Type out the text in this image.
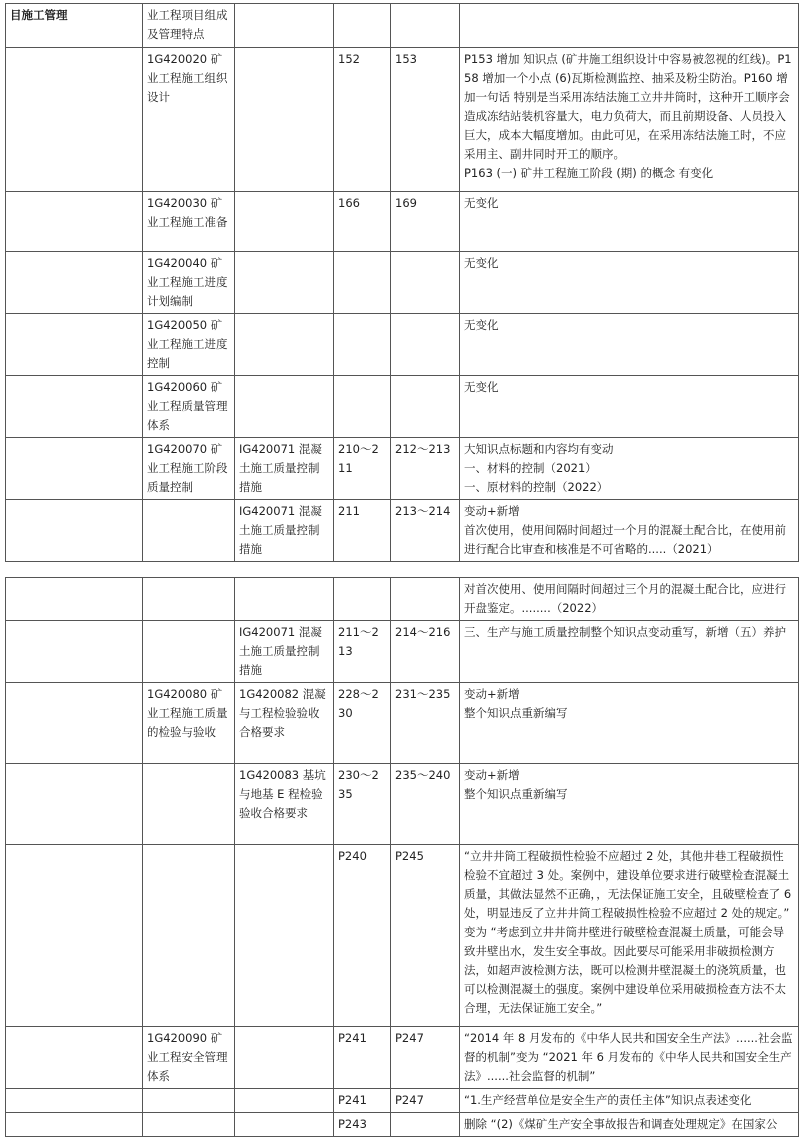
目施工管理	业工程项目组成及管理特点				
	1G420020 矿业工程施工组织设计		152	153	P153 增加 知识点 (矿井施工组织设计中容易被忽视的红线)。P158 增加一个小点 (6)瓦斯检测监控、抽采及粉尘防治。P160 增加一句话 特别是当采用冻结法施工立井井筒时，这种开工顺序会造成冻结站装机容量大，电力负荷大，而且前期设备、人员投入巨大，成本大幅度增加。由此可见，在采用冻结法施工时，不应采用主、副井同时开工的顺序。
P163 (一) 矿井工程施工阶段 (期) 的概念 有变化
	1G420030 矿业工程施工准备		166	169	无变化
	1G420040 矿业工程施工进度计划编制				无变化
	1G420050 矿业工程施工进度控制				无变化
	1G420060 矿业工程质量管理体系				无变化
	1G420070 矿业工程施工阶段质量控制	IG420071 混凝土施工质量控制措施	210～211	212～213	大知识点标题和内容均有变动
一、材料的控制（2021）
一、原材料的控制（2022）
		IG420071 混凝土施工质量控制措施	211	213～214	变动+新增
首次使用，使用间隔时间超过一个月的混凝土配合比，在使用前进行配合比审查和核准是不可省略的.....（2021）
					对首次使用、使用间隔时间超过三个月的混凝土配合比，应进行开盘鉴定。........（2022）
		IG420071 混凝土施工质量控制措施	211～213	214～216	三、生产与施工质量控制整个知识点变动重写，新增（五）养护
	1G420080 矿业工程施工质量的检验与验收	1G420082 混凝与工程检验验收合格要求	228～230	231～235	变动+新增
整个知识点重新编写
		1G420083 基坑与地基 E 程检验验收合格要求	230～235	235～240	变动+新增
整个知识点重新编写
			P240	P245	“立井井筒工程破损性检验不应超过 2 处，其他井巷工程破损性检验不宜超过 3 处。案例中，建设单位要求进行破壁检查混凝土质量，其做法显然不正确，，无法保证施工安全，且破壁检查了 6 处，明显违反了立井井筒工程破损性检验不应超过 2 处的规定。” 变为 “考虑到立井井筒井壁进行破壁检查混凝土质量，可能会导致井壁出水，发生安全事故。因此要尽可能采用非破损检测方法，如超声波检测方法，既可以检测井壁混凝土的浇筑质量，也可以检测混凝土的强度。案例中建设单位采用破损检查方法不太合理，无法保证施工安全。”
	1G420090 矿业工程安全管理体系		P241	P247	“2014 年 8 月发布的《中华人民共和国安全生产法》......社会监督的机制”变为 “2021 年 6 月发布的《中华人民共和国安全生产法》......社会监督的机制”
			P241	P247	“1.生产经营单位是安全生产的责任主体”知识点表述变化
			P243		删除 “(2)《煤矿生产安全事故报告和调查处理规定》在国家公
